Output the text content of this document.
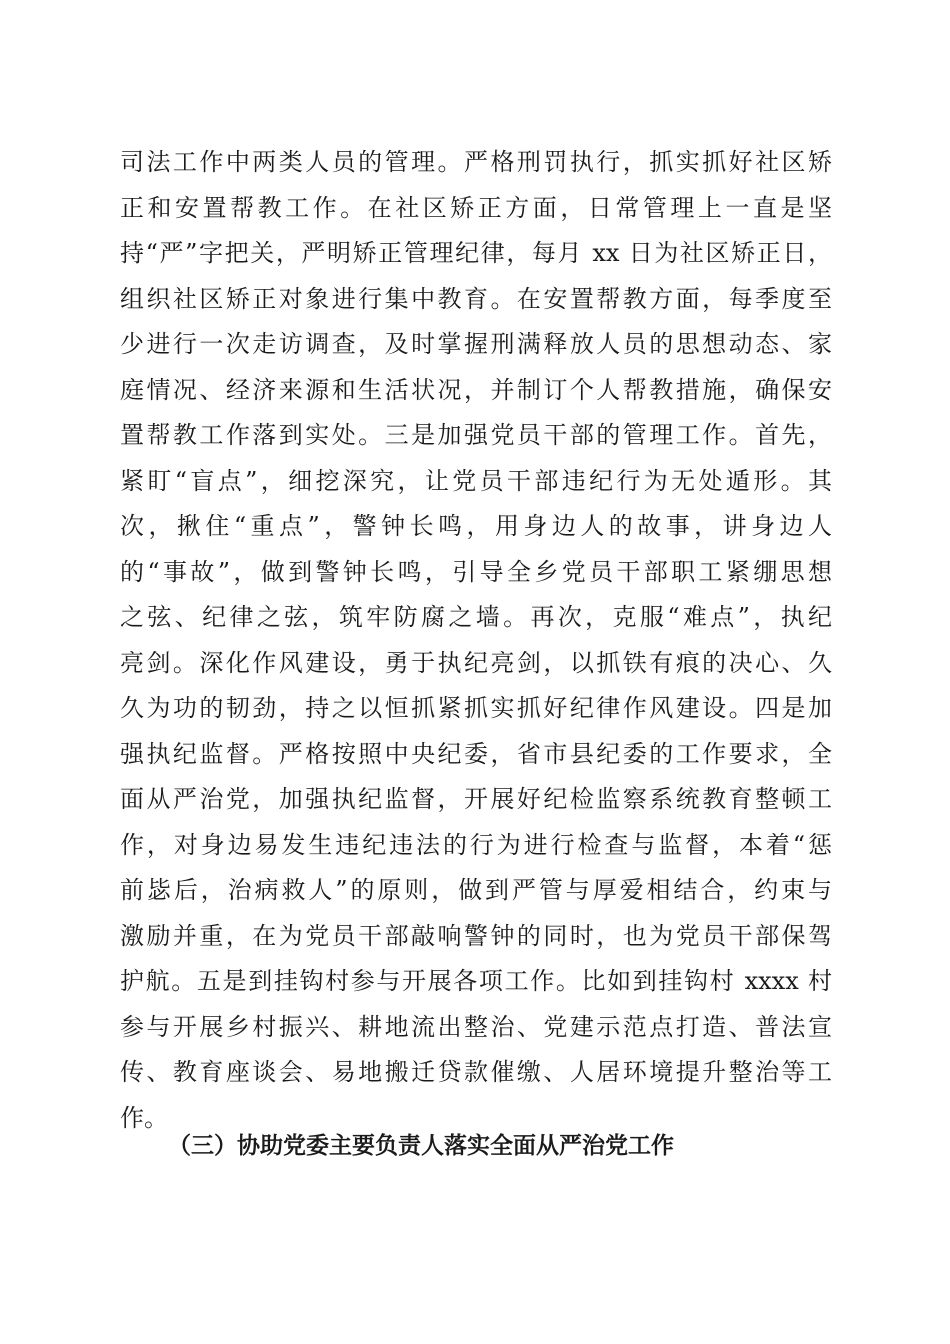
司法工作中两类人员的管理。严格刑罚执行，抓实抓好社区矫
正和安置帮教工作。在社区矫正方面，日常管理上一直是坚
持“严”字把关，严明矫正管理纪律，每月 xx 日为社区矫正日，
组织社区矫正对象进行集中教育。在安置帮教方面，每季度至
少进行一次走访调查，及时掌握刑满释放人员的思想动态、家
庭情况、经济来源和生活状况，并制订个人帮教措施，确保安
置帮教工作落到实处。三是加强党员干部的管理工作。首先，
紧盯“盲点”，细挖深究，让党员干部违纪行为无处遁形。其
次，揪住“重点”，警钟长鸣，用身边人的故事，讲身边人
的“事故”，做到警钟长鸣，引导全乡党员干部职工紧绷思想
之弦、纪律之弦，筑牢防腐之墙。再次，克服“难点”，执纪
亮剑。深化作风建设，勇于执纪亮剑，以抓铁有痕的决心、久
久为功的韧劲，持之以恒抓紧抓实抓好纪律作风建设。四是加
强执纪监督。严格按照中央纪委，省市县纪委的工作要求，全
面从严治党，加强执纪监督，开展好纪检监察系统教育整顿工
作，对身边易发生违纪违法的行为进行检查与监督，本着“惩
前毖后，治病救人”的原则，做到严管与厚爱相结合，约束与
激励并重，在为党员干部敲响警钟的同时，也为党员干部保驾
护航。五是到挂钩村参与开展各项工作。比如到挂钩村 xxxx 村
参与开展乡村振兴、耕地流出整治、党建示范点打造、普法宣
传、教育座谈会、易地搬迁贷款催缴、人居环境提升整治等工
作。
（三）协助党委主要负责人落实全面从严治党工作
